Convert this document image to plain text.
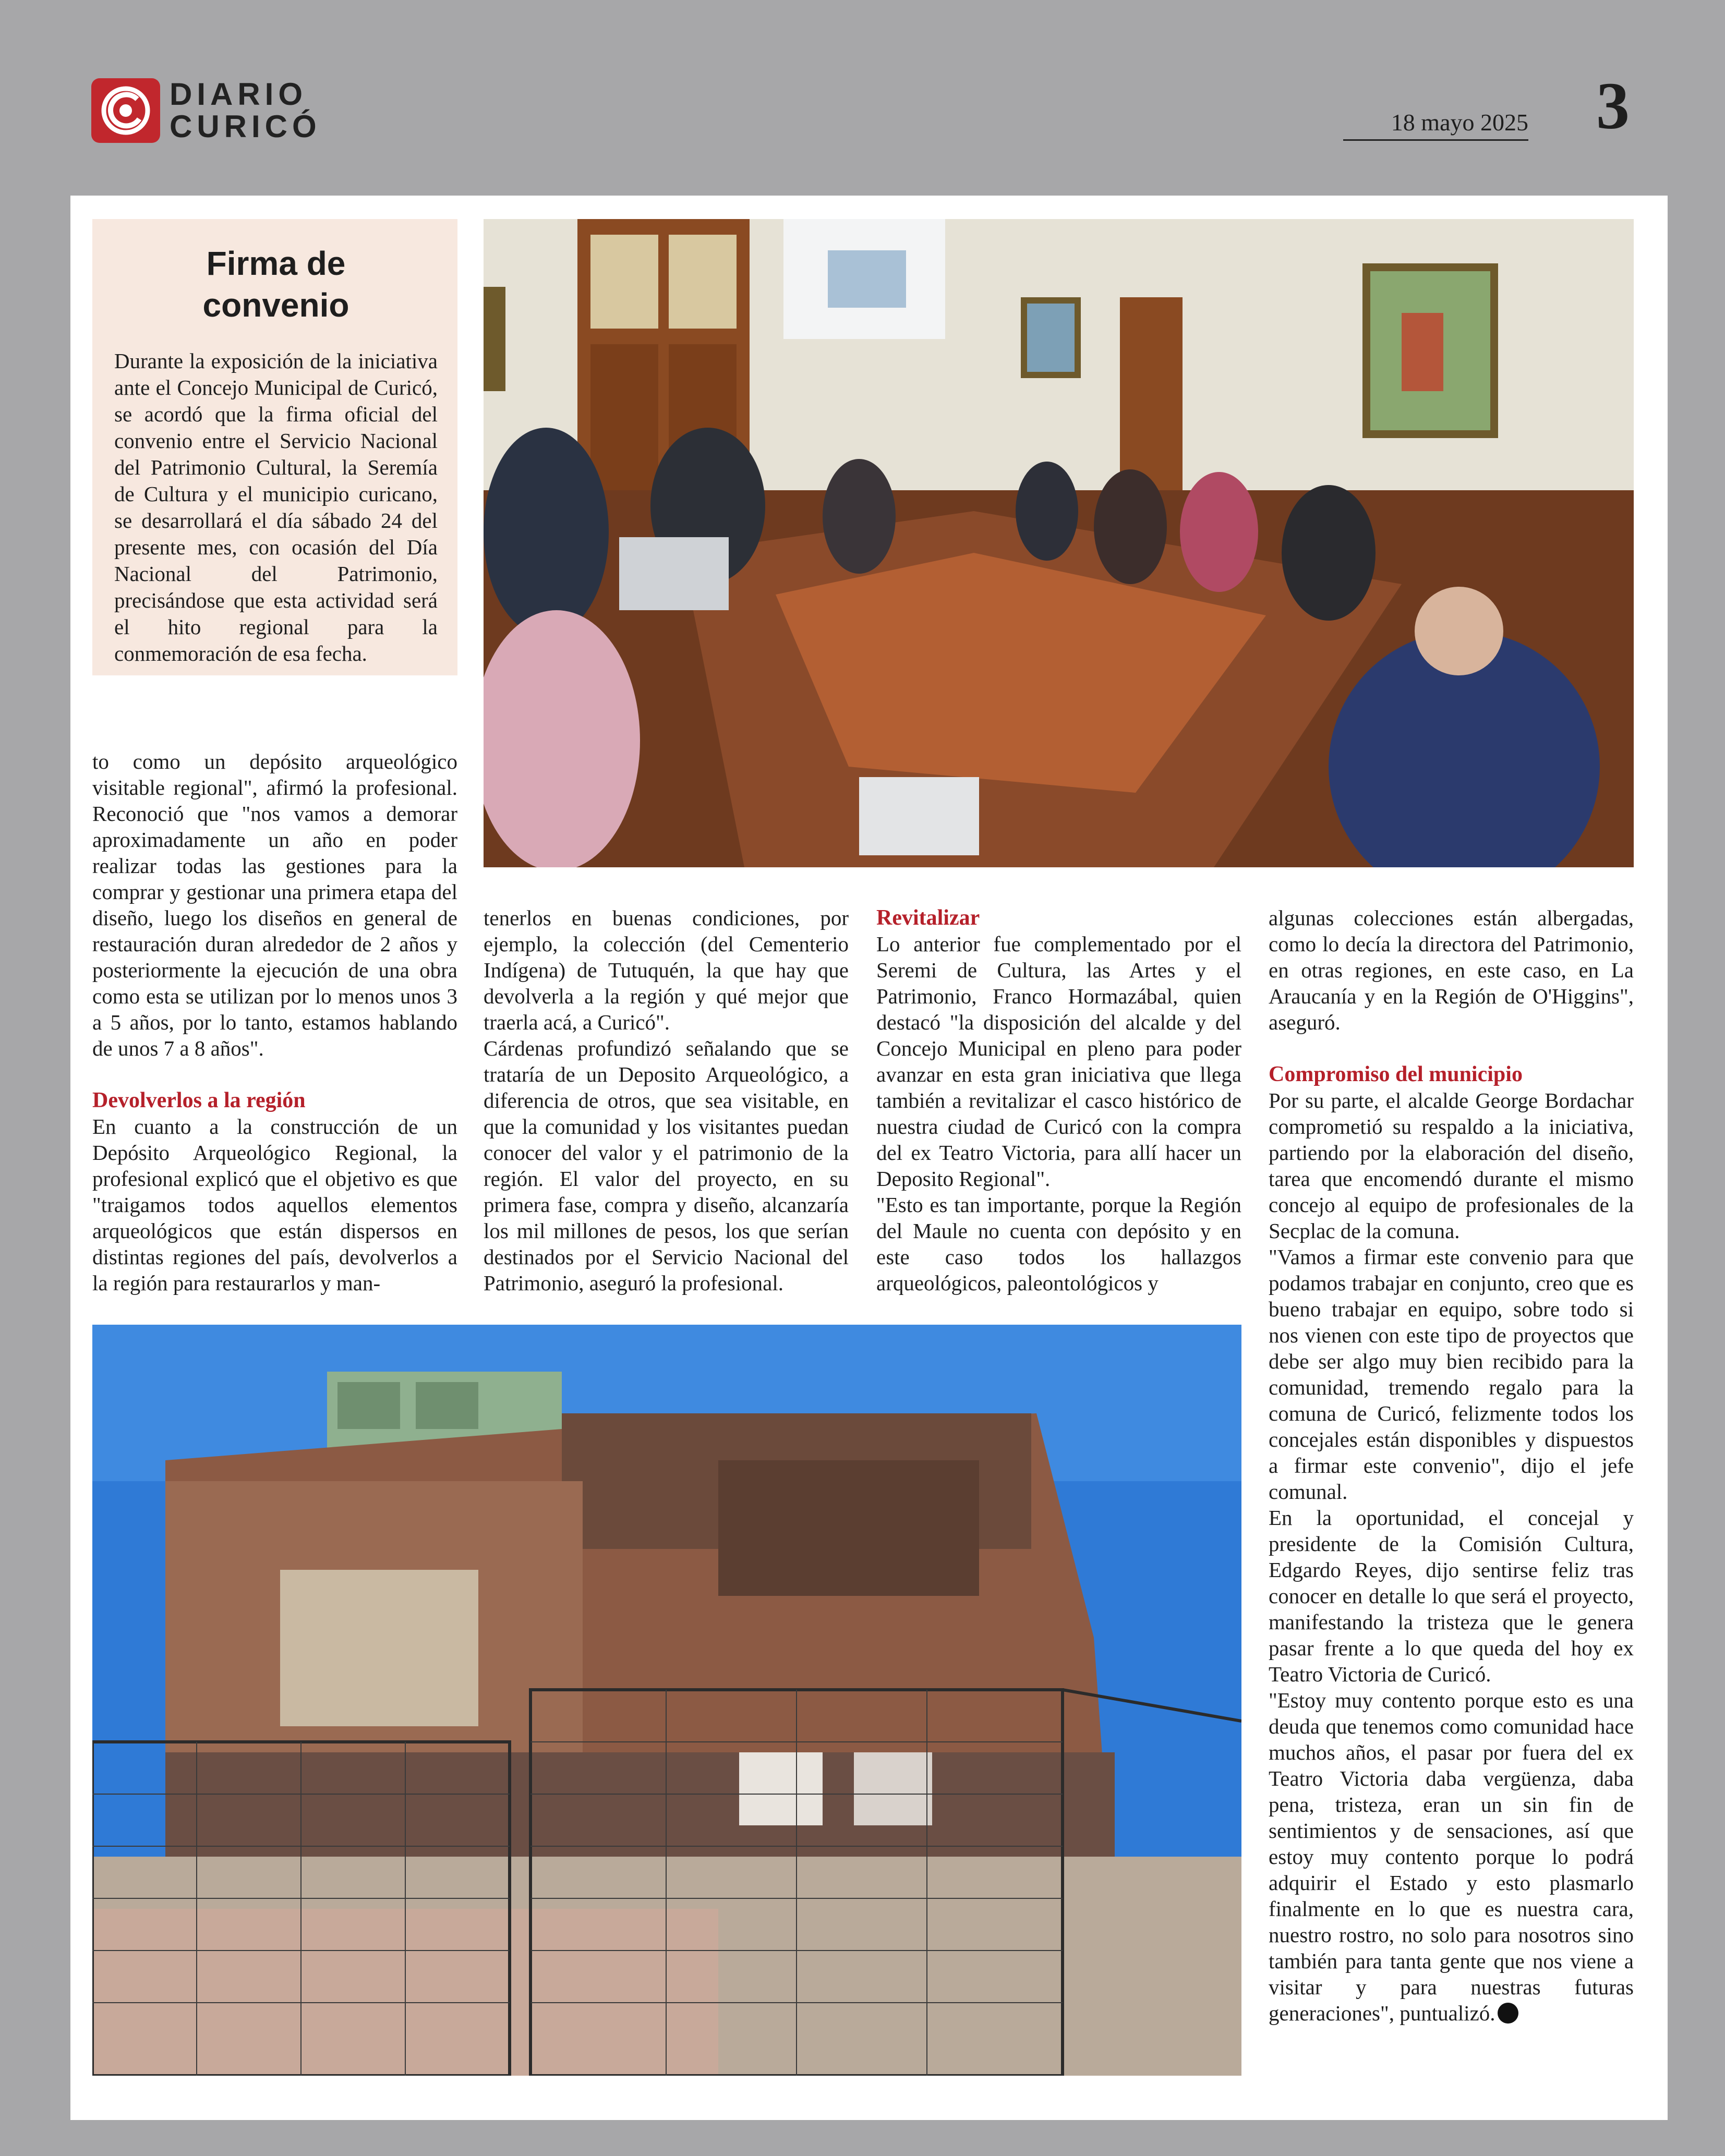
DIARIO
CURICÓ	18 mayo 2025 3
Firma de
convenio

Durante la exposición de la iniciativa ante el Concejo Municipal de Curicó, se acordó que la firma oficial del convenio entre el Servicio Nacional del Patrimonio Cultural, la Seremía de Cultura y el municipio curicano, se desarrollará el día sábado 24 del presente mes, con ocasión del Día Nacional del Patrimonio, precisándose que esta actividad será el hito regional para la conmemoración de esa fecha.

to como un depósito arqueológico visitable regional", afirmó la profesional. Reconoció que "nos vamos a demorar aproximadamente un año en poder realizar todas las gestiones para la comprar y gestionar una primera etapa del diseño, luego los diseños en general de restauración duran alrededor de 2 años y posteriormente la ejecución de una obra como esta se utilizan por lo menos unos 3 a 5 años, por lo tanto, estamos hablando de unos 7 a 8 años".

Devolverlos a la región

En cuanto a la construcción de un Depósito Arqueológico Regional, la profesional explicó que el objetivo es que "traigamos todos aquellos elementos arqueológicos que están dispersos en distintas regiones del país, devolverlos a la región para restaurarlos y man-

tenerlos en buenas condiciones, por ejemplo, la colección (del Cementerio Indígena) de Tutuquén, la que hay que devolverla a la región y qué mejor que traerla acá, a Curicó".

Cárdenas profundizó señalando que se trataría de un Deposito Arqueológico, a diferencia de otros, que sea visitable, en que la comunidad y los visitantes puedan conocer del valor y el patrimonio de la región. El valor del proyecto, en su primera fase, compra y diseño, alcanzaría los mil millones de pesos, los que serían destinados por el Servicio Nacional del Patrimonio, aseguró la profesional.

Revitalizar

Lo anterior fue complementado por el Seremi de Cultura, las Artes y el Patrimonio, Franco Hormazábal, quien destacó "la disposición del alcalde y del Concejo Municipal en pleno para poder avanzar en esta gran iniciativa que llega también a revitalizar el casco histórico de nuestra ciudad de Curicó con la compra del ex Teatro Victoria, para allí hacer un Deposito Regional".

"Esto es tan importante, porque la Región del Maule no cuenta con depósito y en este caso todos los hallazgos arqueológicos, paleontológicos y

algunas colecciones están albergadas, como lo decía la directora del Patrimonio, en otras regiones, en este caso, en La Araucanía y en la Región de O'Higgins", aseguró.

Compromiso del municipio

Por su parte, el alcalde George Bordachar comprometió su respaldo a la iniciativa, partiendo por la elaboración del diseño, tarea que encomendó durante el mismo concejo al equipo de profesionales de la Secplac de la comuna.

"Vamos a firmar este convenio para que podamos trabajar en conjunto, creo que es bueno trabajar en equipo, sobre todo si nos vienen con este tipo de proyectos que debe ser algo muy bien recibido para la comunidad, tremendo regalo para la comuna de Curicó, felizmente todos los concejales están disponibles y dispuestos a firmar este convenio", dijo el jefe comunal.

En la oportunidad, el concejal y presidente de la Comisión Cultura, Edgardo Reyes, dijo sentirse feliz tras conocer en detalle lo que será el proyecto, manifestando la tristeza que le genera pasar frente a lo que queda del hoy ex Teatro Victoria de Curicó.

"Estoy muy contento porque esto es una deuda que tenemos como comunidad hace muchos años, el pasar por fuera del ex Teatro Victoria daba vergüenza, daba pena, tristeza, eran un sin fin de sentimientos y de sensaciones, así que estoy muy contento porque lo podrá adquirir el Estado y esto plasmarlo finalmente en lo que es nuestra cara, nuestro rostro, no solo para nosotros sino también para tanta gente que nos viene a visitar y para nuestras futuras generaciones", puntualizó.
